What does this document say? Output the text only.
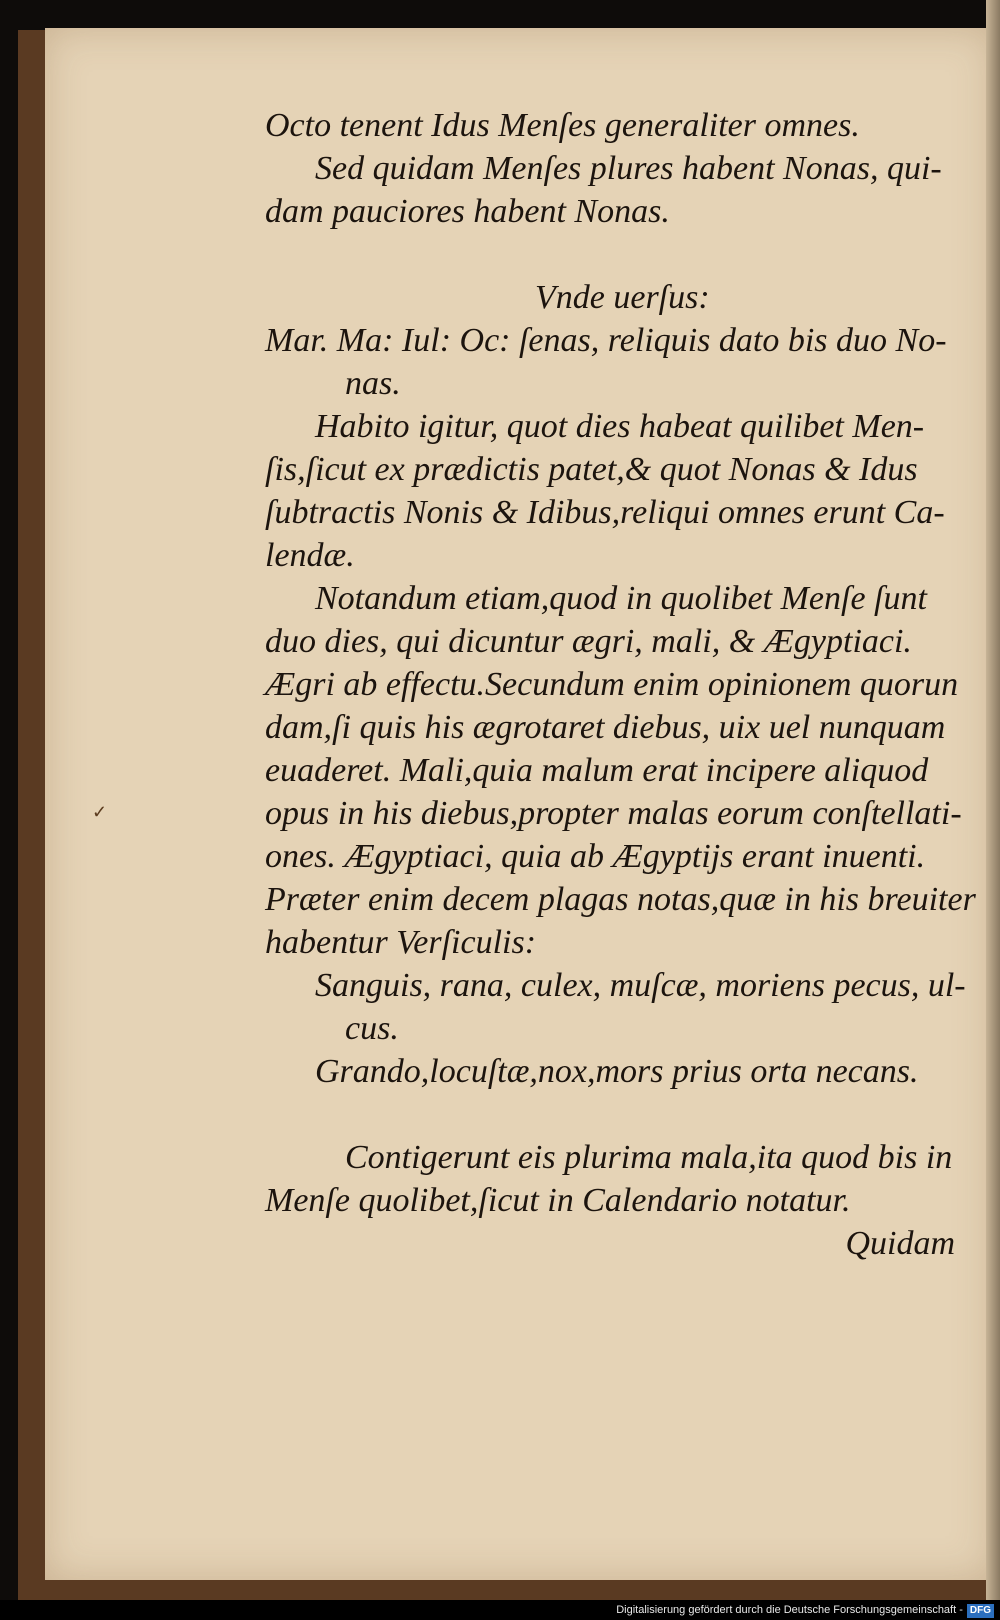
✓

Octo tenent Idus Menſes generaliter omnes.

Sed quidam Menſes plures habent Nonas, qui-

dam pauciores habent Nonas.

Vnde uerſus:

Mar. Ma: Iul: Oc: ſenas, reliquis dato bis duo No-

nas.

Habito igitur, quot dies habeat quilibet Men-

ſis,ſicut ex prædictis patet,& quot Nonas & Idus

ſubtractis Nonis & Idibus,reliqui omnes erunt Ca-

lendæ.

Notandum etiam,quod in quolibet Menſe ſunt

duo dies, qui dicuntur ægri, mali, & Ægyptiaci.

Ægri ab effectu.Secundum enim opinionem quorun

dam,ſi quis his ægrotaret diebus, uix uel nunquam

euaderet. Mali,quia malum erat incipere aliquod

opus in his diebus,propter malas eorum conſtellati-

ones. Ægyptiaci, quia ab Ægyptijs erant inuenti.

Præter enim decem plagas notas,quæ in his breuiter

habentur Verſiculis:

Sanguis, rana, culex, muſcæ, moriens pecus, ul-

cus.

Grando,locuſtæ,nox,mors prius orta necans.

Contigerunt eis plurima mala,ita quod bis in

Menſe quolibet,ſicut in Calendario notatur.

Quidam

Digitalisierung gefördert durch die Deutsche Forschungsgemeinschaft - DFG
